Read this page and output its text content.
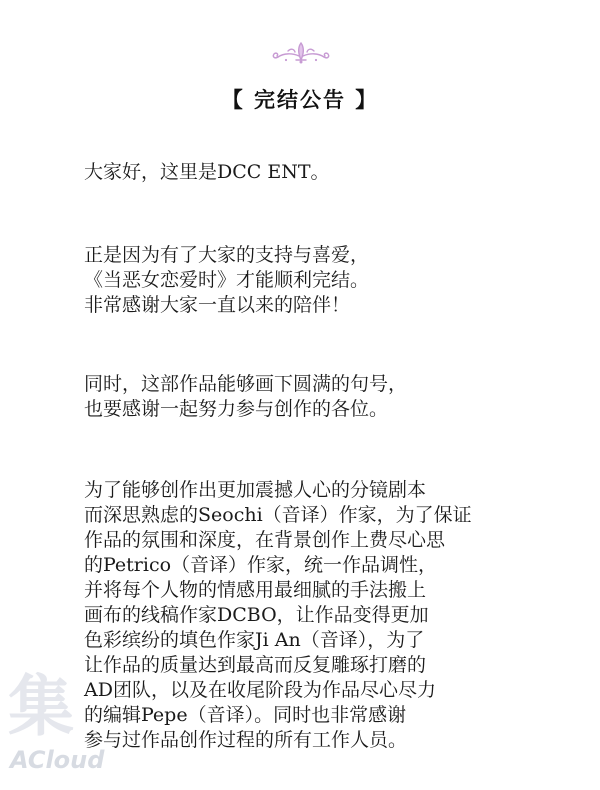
【 完结公告 】
大家好，这里是DCC ENT。
正是因为有了大家的支持与喜爱，
《当恶女恋爱时》才能顺利完结。
非常感谢大家一直以来的陪伴！
同时，这部作品能够画下圆满的句号，
也要感谢一起努力参与创作的各位。
为了能够创作出更加震撼人心的分镜剧本
而深思熟虑的Seochi（音译）作家，为了保证
作品的氛围和深度，在背景创作上费尽心思
的Petrico（音译）作家，统一作品调性，
并将每个人物的情感用最细腻的手法搬上
画布的线稿作家DCBO，让作品变得更加
色彩缤纷的填色作家Ji An（音译），为了
让作品的质量达到最高而反复雕琢打磨的
AD团队，以及在收尾阶段为作品尽心尽力
的编辑Pepe（音译）。同时也非常感谢
参与过作品创作过程的所有工作人员。
集
ACloud
